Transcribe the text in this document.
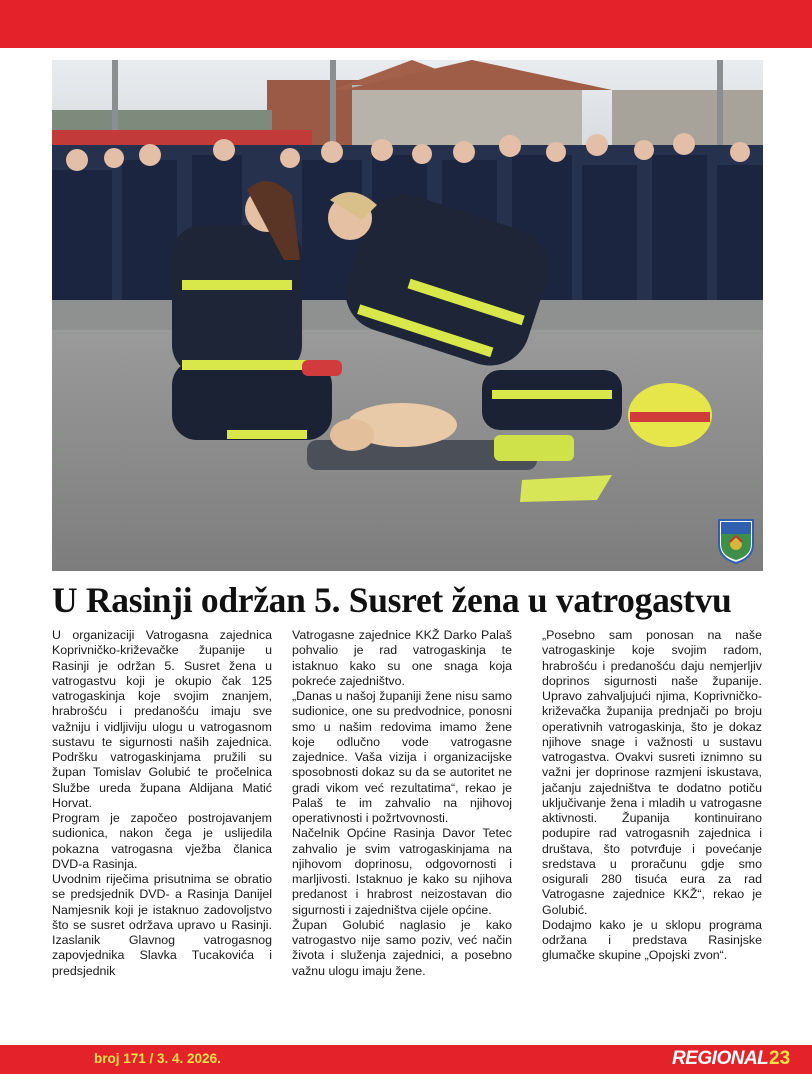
U Rasinji održan 5. Susret žena u vatrogastvu

U organizaciji Vatrogasna zajednica Koprivničko-križevačke županije u Rasinji je održan 5. Susret žena u vatrogastvu koji je okupio čak 125 vatrogaskinja koje svojim znanjem, hrabrošću i predanošću imaju sve važniju i vidljiviju ulogu u vatrogasnom sustavu te sigurnosti naših zajednica. Podršku vatrogaskinjama pružili su župan Tomislav Golubić te pročelnica Službe ureda župana Aldijana Matić Horvat.

Program je započeo postrojavanjem sudionica, nakon čega je uslijedila pokazna vatrogasna vježba članica DVD-a Rasinja.

Uvodnim riječima prisutnima se obratio se predsjednik DVD- a Rasinja Danijel Namjesnik koji je istaknuo zadovoljstvo što se susret održava upravo u Rasinji. Izaslanik Glavnog vatrogasnog zapovjednika Slavka Tucakovića i predsjednik

Vatrogasne zajednice KKŽ Darko Palaš pohvalio je rad vatrogaskinja te istaknuo kako su one snaga koja pokreće zajedništvo.

„Danas u našoj županiji žene nisu samo sudionice, one su predvodnice, ponosni smo u našim redovima imamo žene koje odlučno vode vatrogasne zajednice. Vaša vizija i organizacijske sposobnosti dokaz su da se autoritet ne gradi vikom već rezultatima“, rekao je Palaš te im zahvalio na njihovoj operativnosti i požrtvovnosti.

Načelnik Općine Rasinja Davor Tetec zahvalio je svim vatrogaskinjama na njihovom doprinosu, odgovornosti i marljivosti. Istaknuo je kako su njihova predanost i hrabrost neizostavan dio sigurnosti i zajedništva cijele općine.

Župan Golubić naglasio je kako vatrogastvo nije samo poziv, već način života i služenja zajednici, a posebno važnu ulogu imaju žene.

„Posebno sam ponosan na naše vatrogaskinje koje svojim radom, hrabrošću i predanošću daju nemjerljiv doprinos sigurnosti naše županije. Upravo zahvaljujući njima, Koprivničko-križevačka županija prednjači po broju operativnih vatrogaskinja, što je dokaz njihove snage i važnosti u sustavu vatrogastva. Ovakvi susreti iznimno su važni jer doprinose razmjeni iskustava, jačanju zajedništva te dodatno potiču uključivanje žena i mladih u vatrogasne aktivnosti. Županija kontinuirano podupire rad vatrogasnih zajednica i društava, što potvrđuje i povećanje sredstava u proračunu gdje smo osigurali 280 tisuća eura za rad Vatrogasne zajednice KKŽ“, rekao je Golubić.

Dodajmo kako je u sklopu programa održana i predstava Rasinjske glumačke skupine „Opojski zvon“.

broj 171 / 3. 4. 2026.	REGIONAL 23
